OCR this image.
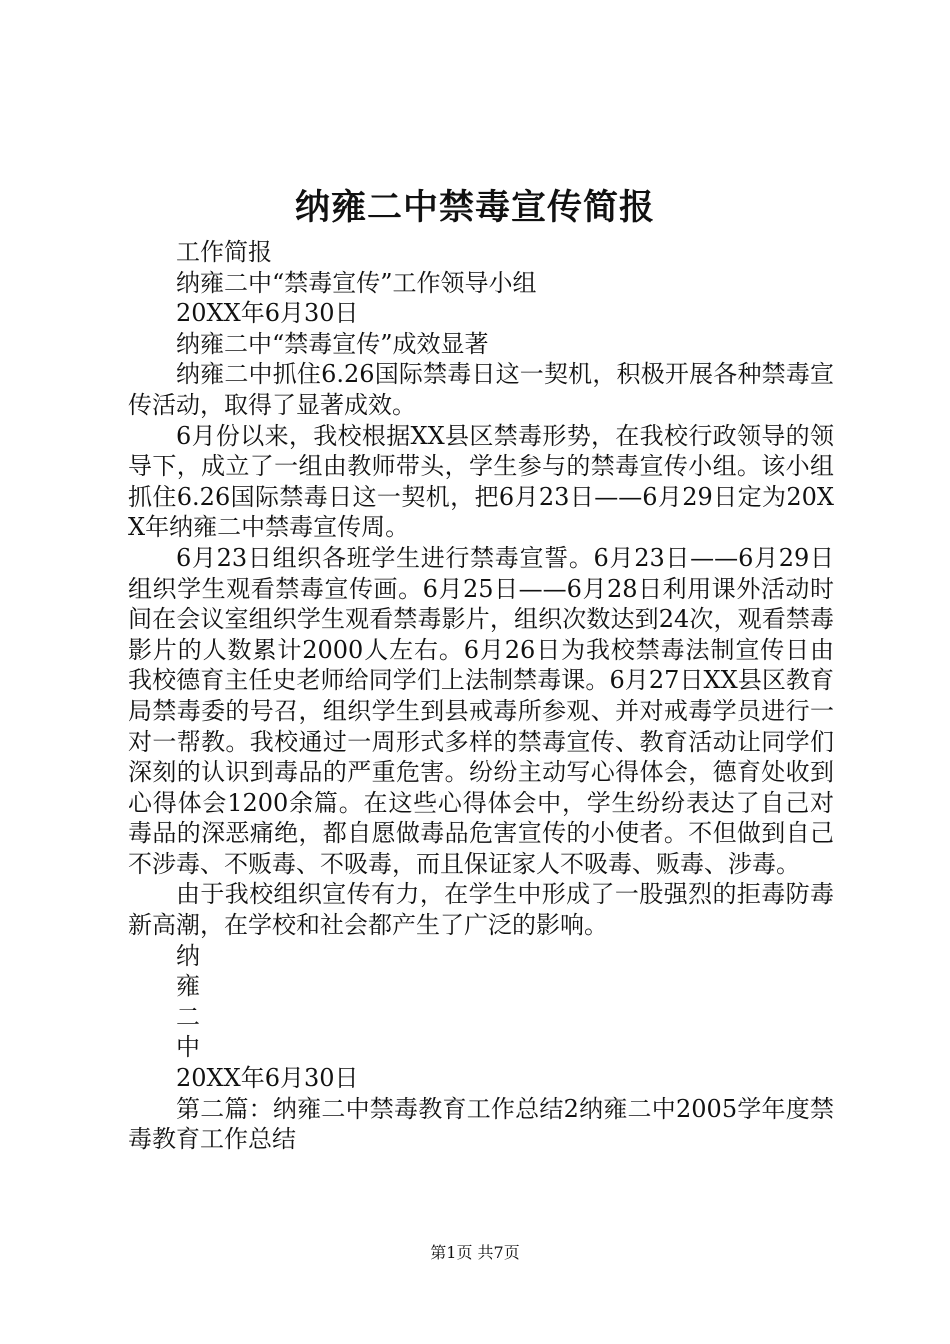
纳雍二中禁毒宣传简报

工作简报

纳雍二中“禁毒宣传”工作领导小组

20XX年6月30日

纳雍二中“禁毒宣传”成效显著

纳雍二中抓住6.26国际禁毒日这一契机，积极开展各种禁毒宣传活动，取得了显著成效。

6月份以来，我校根据XX县区禁毒形势，在我校行政领导的领导下，成立了一组由教师带头，学生参与的禁毒宣传小组。该小组抓住6.26国际禁毒日这一契机，把6月23日——6月29日定为20XX年纳雍二中禁毒宣传周。

6月23日组织各班学生进行禁毒宣誓。6月23日——6月29日组织学生观看禁毒宣传画。6月25日——6月28日利用课外活动时间在会议室组织学生观看禁毒影片，组织次数达到24次，观看禁毒影片的人数累计2000人左右。6月26日为我校禁毒法制宣传日由我校德育主任史老师给同学们上法制禁毒课。6月27日XX县区教育局禁毒委的号召，组织学生到县戒毒所参观、并对戒毒学员进行一对一帮教。我校通过一周形式多样的禁毒宣传、教育活动让同学们深刻的认识到毒品的严重危害。纷纷主动写心得体会，德育处收到心得体会1200余篇。在这些心得体会中，学生纷纷表达了自己对毒品的深恶痛绝，都自愿做毒品危害宣传的小使者。不但做到自己不涉毒、不贩毒、不吸毒，而且保证家人不吸毒、贩毒、涉毒。

由于我校组织宣传有力，在学生中形成了一股强烈的拒毒防毒新高潮，在学校和社会都产生了广泛的影响。

纳

雍

二

中

20XX年6月30日

第二篇：纳雍二中禁毒教育工作总结2纳雍二中2005学年度禁毒教育工作总结

第1页 共7页
